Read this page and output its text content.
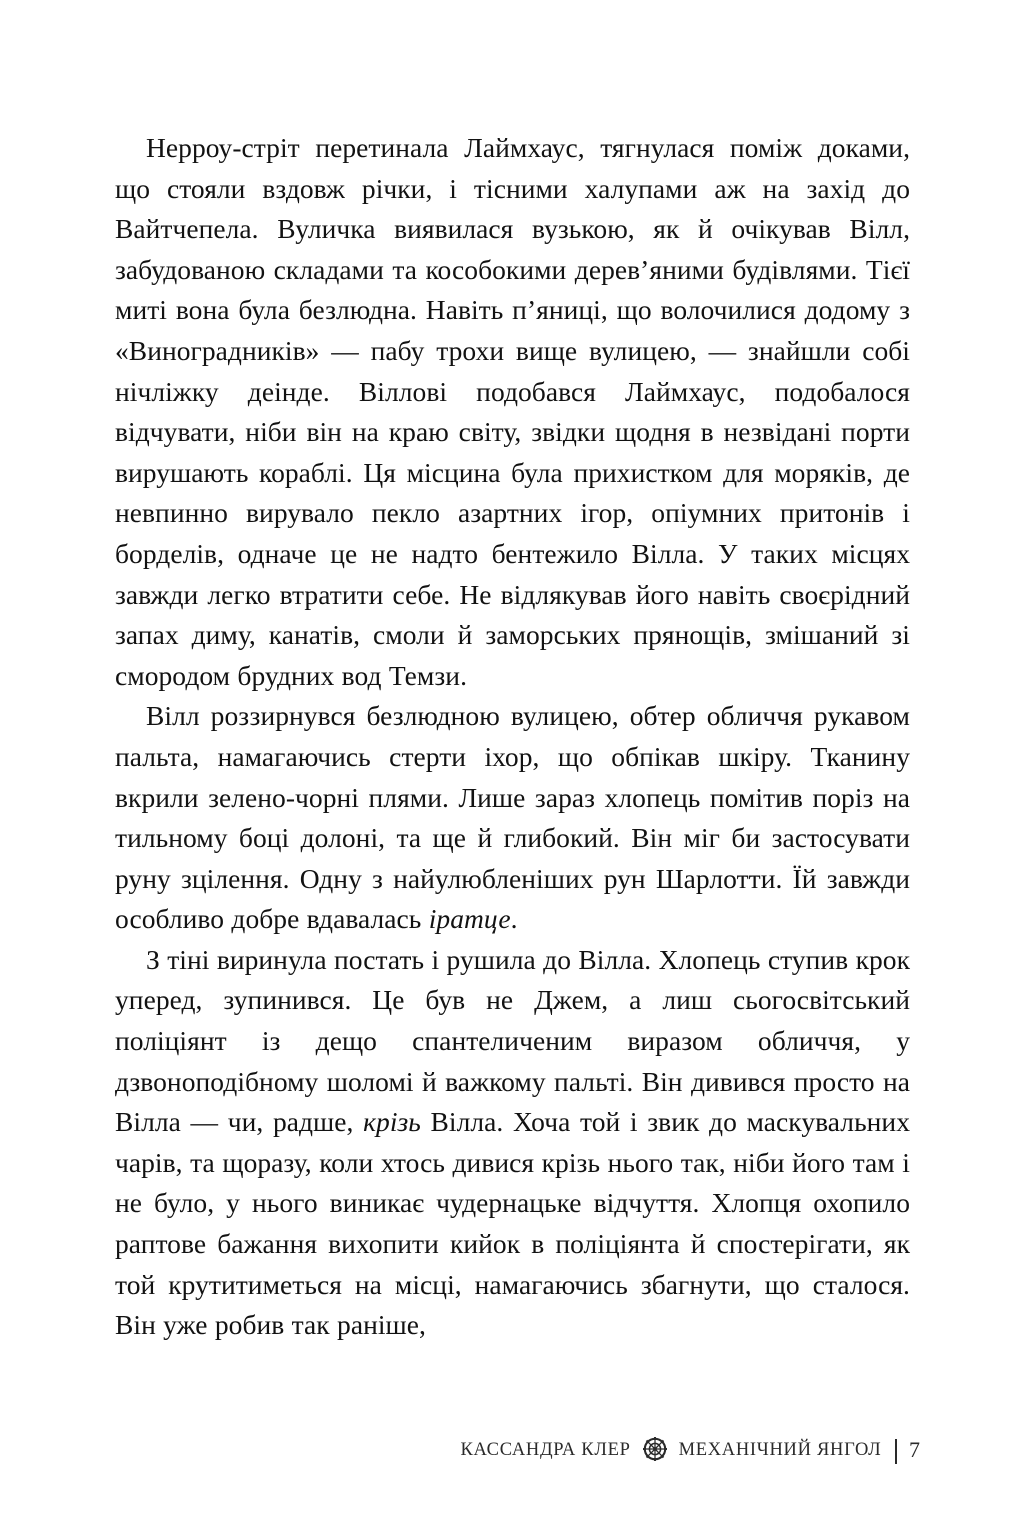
Нерроу-стріт перетинала Лаймхаус, тягнулася поміж доками, що стояли вздовж річки, і тісними халупами аж на захід до Вайтчепела. Вуличка виявилася вузькою, як й очікував Вілл, забудованою складами та кособокими дерев’яними будівлями. Тієї миті вона була безлюдна. Навіть п’яниці, що волочилися додому з «Виноградників» — пабу трохи вище вулицею, — знайшли собі нічліжку деінде. Віллові подобався Лаймхаус, подобалося відчувати, ніби він на краю світу, звідки щодня в незвідані порти вирушають кораблі. Ця місцина була прихистком для моряків, де невпинно вирувало пекло азартних ігор, опіумних притонів і борделів, одначе це не надто бентежило Вілла. У таких місцях завжди легко втратити себе. Не відлякував його навіть своєрідний запах диму, канатів, смоли й заморських прянощів, змішаний зі смородом брудних вод Темзи.

Вілл роззирнувся безлюдною вулицею, обтер обличчя рукавом пальта, намагаючись стерти іхор, що обпікав шкіру. Тканину вкрили зелено-чорні плями. Лише зараз хлопець помітив поріз на тильному боці долоні, та ще й глибокий. Він міг би застосувати руну зцілення. Одну з найулюбленіших рун Шарлотти. Їй завжди особливо добре вдавалась іратце.

З тіні виринула постать і рушила до Вілла. Хлопець ступив крок уперед, зупинився. Це був не Джем, а лиш сьогосвітський поліціянт із дещо спантеличеним виразом обличчя, у дзвоноподібному шоломі й важкому пальті. Він дивився просто на Вілла — чи, радше, крізь Вілла. Хоча той і звик до маскувальних чарів, та щоразу, коли хтось дивися крізь нього так, ніби його там і не було, у нього виникає чудернацьке відчуття. Хлопця охопило раптове бажання вихопити кийок в поліціянта й спостерігати, як той крутитиметься на місці, намагаючись збагнути, що сталося. Він уже робив так раніше,

КАССАНДРА КЛЕР	МЕХАНІЧНИЙ ЯНГОЛ 7
